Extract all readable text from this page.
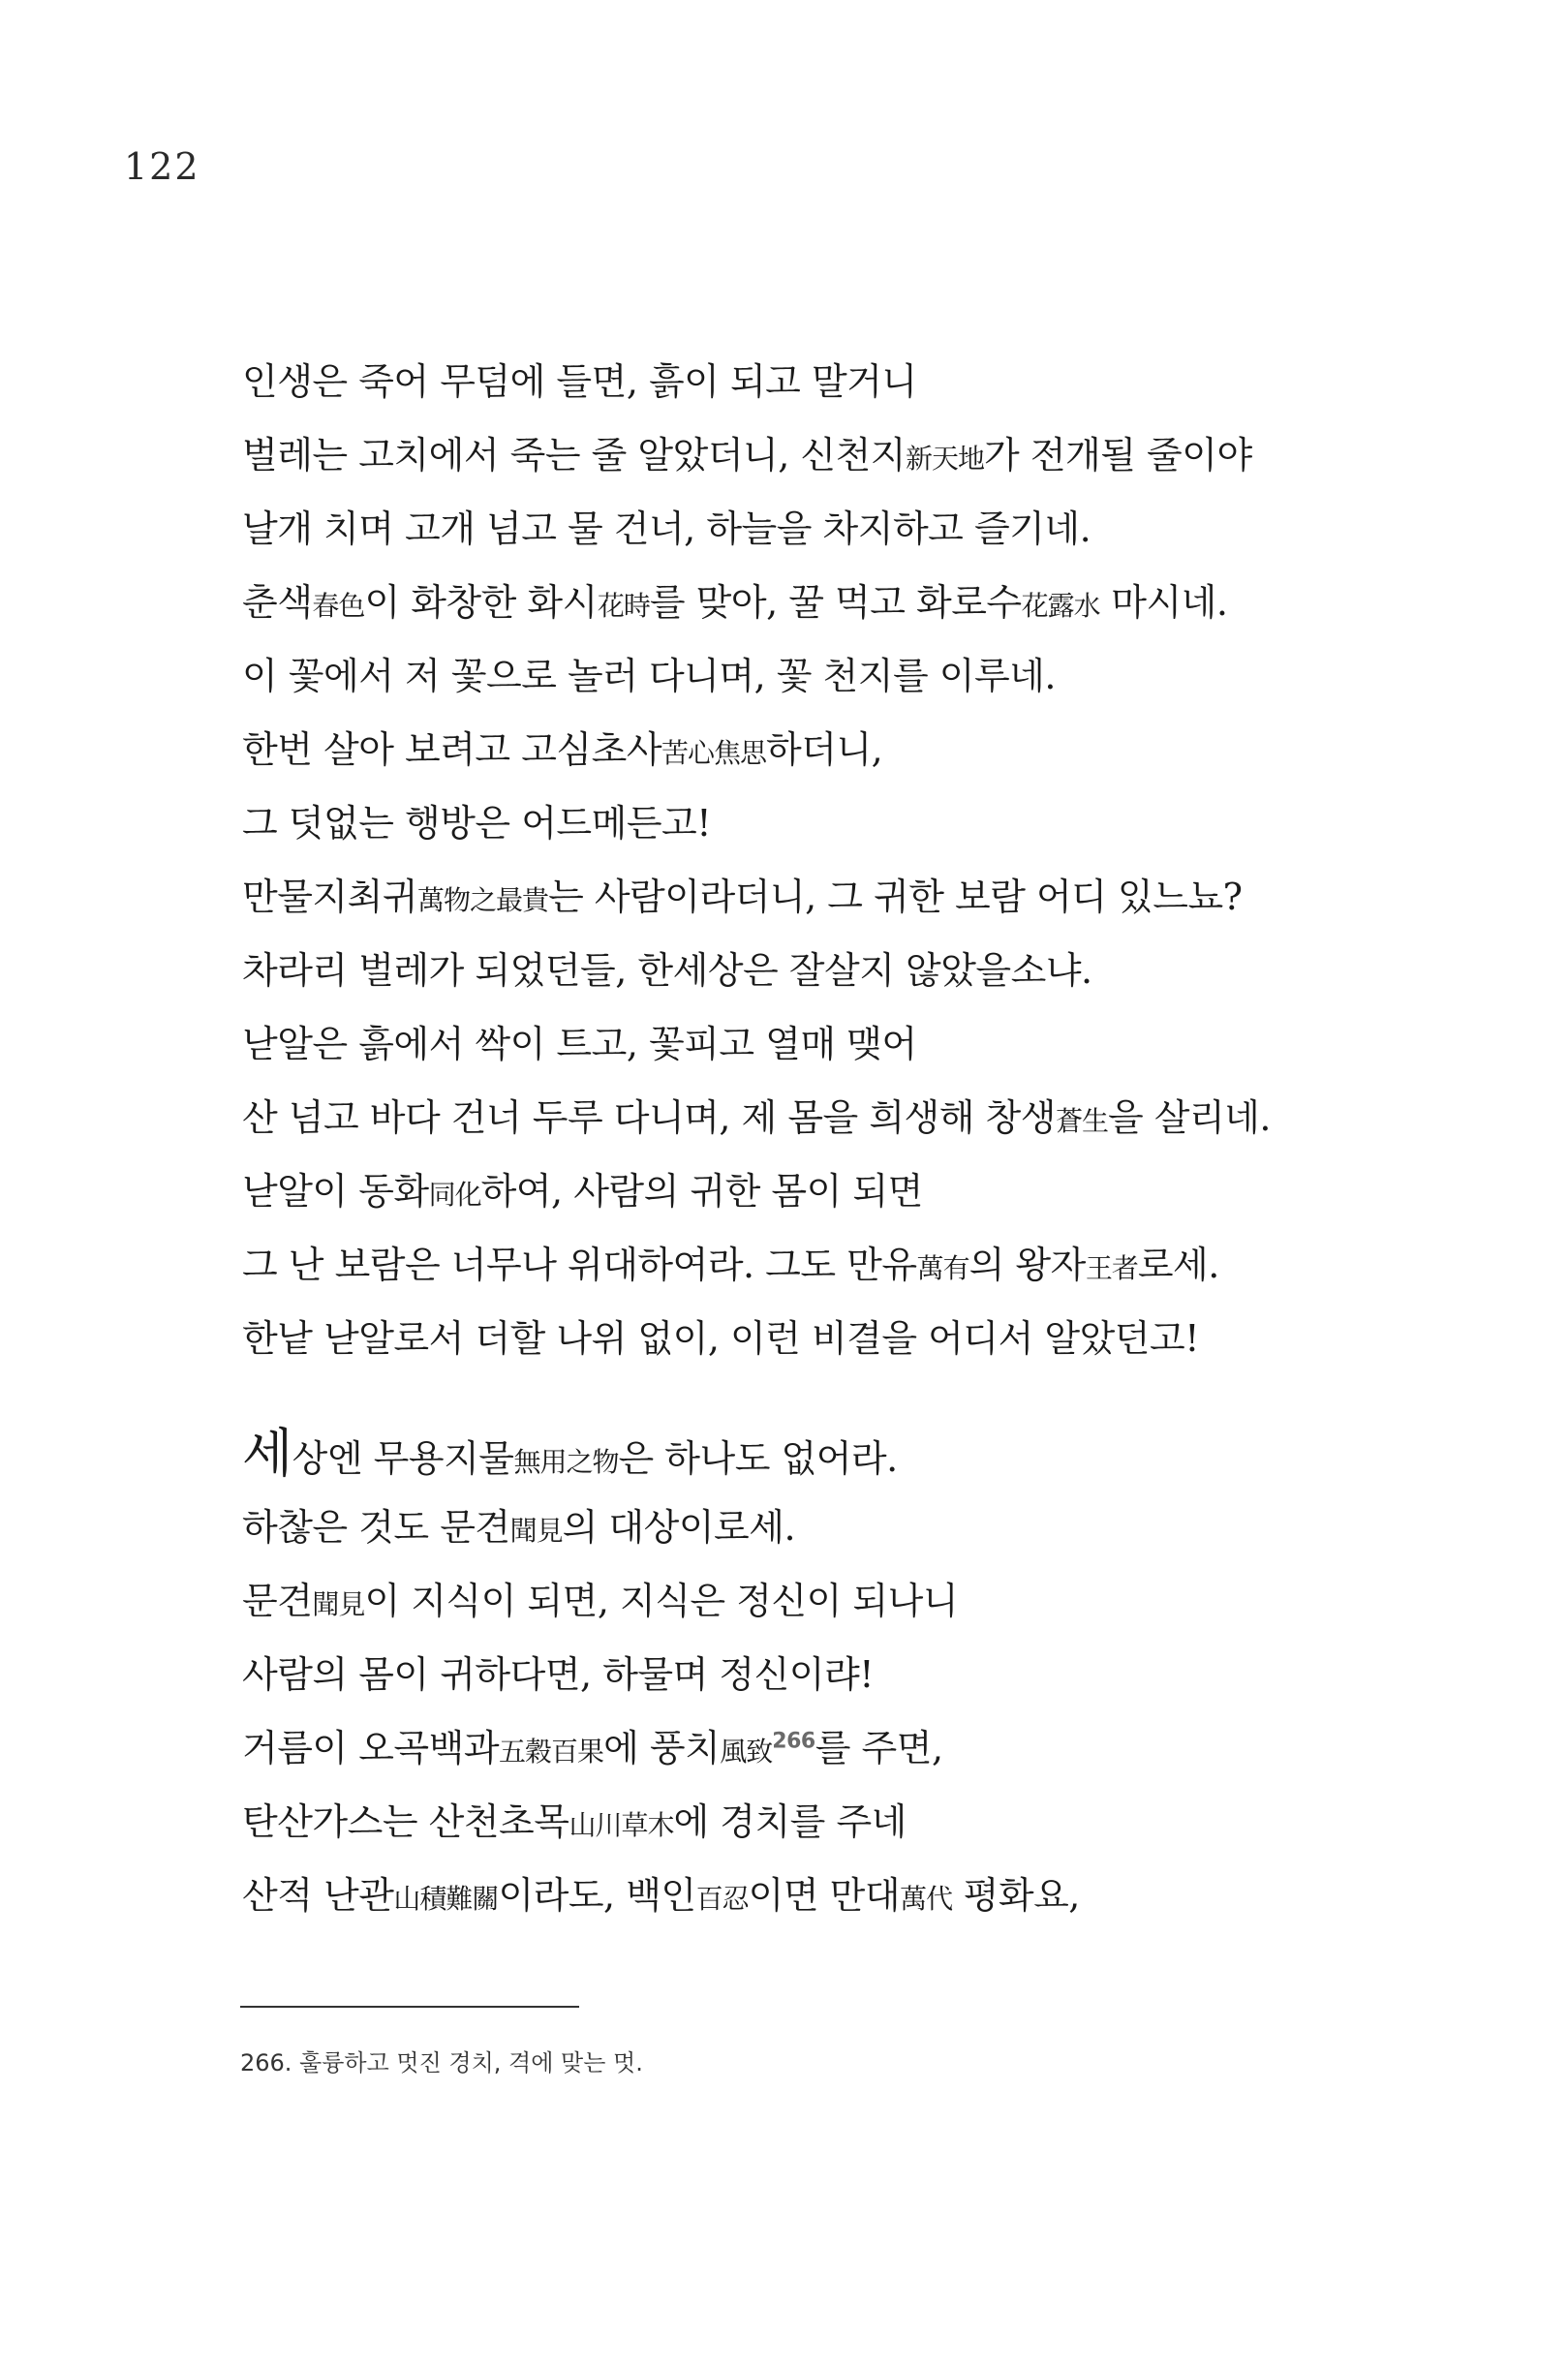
122
인생은 죽어 무덤에 들면, 흙이 되고 말거니
벌레는 고치에서 죽는 줄 알았더니, 신천지新天地가 전개될 줄이야
날개 치며 고개 넘고 물 건너, 하늘을 차지하고 즐기네.
춘색春色이 화창한 화시花時를 맞아, 꿀 먹고 화로수花露水 마시네.
이 꽃에서 저 꽃으로 놀러 다니며, 꽃 천지를 이루네.
한번 살아 보려고 고심초사苦心焦思하더니,
그 덧없는 행방은 어드메든고!
만물지최귀萬物之最貴는 사람이라더니, 그 귀한 보람 어디 있느뇨?
차라리 벌레가 되었던들, 한세상은 잘살지 않았을소냐.
낟알은 흙에서 싹이 트고, 꽃피고 열매 맺어
산 넘고 바다 건너 두루 다니며, 제 몸을 희생해 창생蒼生을 살리네.
낟알이 동화同化하여, 사람의 귀한 몸이 되면
그 난 보람은 너무나 위대하여라. 그도 만유萬有의 왕자王者로세.
한낱 낟알로서 더할 나위 없이, 이런 비결을 어디서 알았던고!
세상엔 무용지물無用之物은 하나도 없어라.
하찮은 것도 문견聞見의 대상이로세.
문견聞見이 지식이 되면, 지식은 정신이 되나니
사람의 몸이 귀하다면, 하물며 정신이랴!
거름이 오곡백과五穀百果에 풍치風致$^{266}$를 주면,
탄산가스는 산천초목山川草木에 경치를 주네
산적 난관山積難關이라도, 백인百忍이면 만대萬代 평화요,
266. 훌륭하고 멋진 경치, 격에 맞는 멋.
